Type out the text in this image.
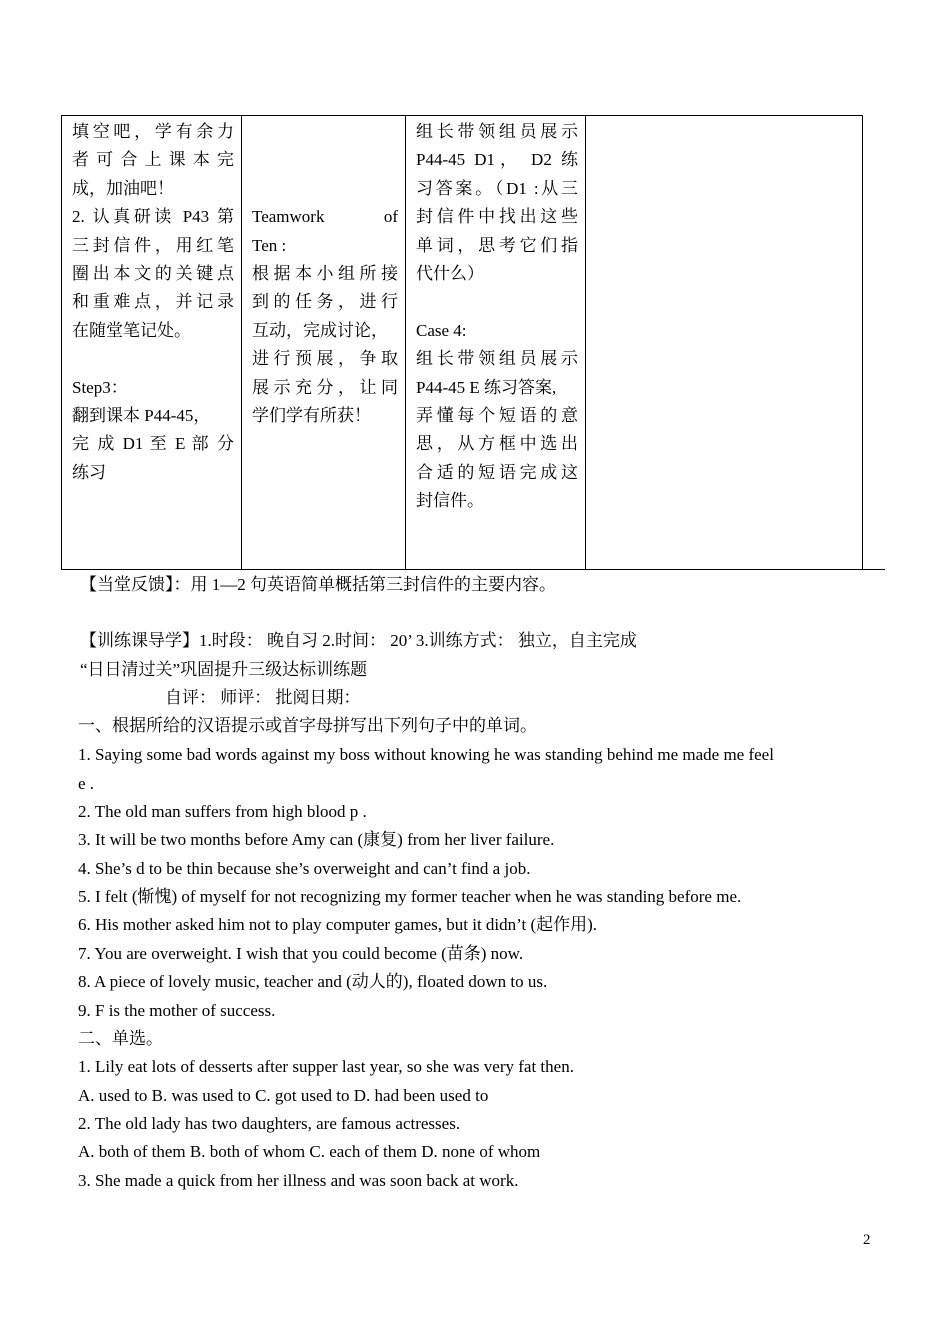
填空吧，学有余力
者 可 合 上 课 本 完
成，加油吧！
2. 认真研读 P43 第
三封信件，用红笔
圈出本文的关键点
和重难点，并记录
在随堂笔记处。
Step3：
翻到课本 P44-45，
完 成 D1 至 E 部 分
练习
Teamwork of
Ten :
根据本小组所接
到的任务，进行
互动，完成讨论，
进行预展，争取
展示充分，让同
学们学有所获！
组长带领组员展示
P44-45 D1， D2 练
习答案。（D1 :从三
封信件中找出这些
单词，思考它们指
代什么）
Case 4:
组长带领组员展示
P44-45 E 练习答案,
弄懂每个短语的意
思，从方框中选出
合适的短语完成这
封信件。
【当堂反馈】：用 1—2 句英语简单概括第三封信件的主要内容。
【训练课导学】1.时段： 晚自习 2.时间： 20’ 3.训练方式： 独立，自主完成
“日日清过关”巩固提升三级达标训练题
自评： 师评： 批阅日期：
一、根据所给的汉语提示或首字母拼写出下列句子中的单词。
1. Saying some bad words against my boss without knowing he was standing behind me made me feel
e .
2. The old man suffers from high blood p .
3. It will be two months before Amy can (康复) from her liver failure.
4. She’s d to be thin because she’s overweight and can’t find a job.
5. I felt (惭愧) of myself for not recognizing my former teacher when he was standing before me.
6. His mother asked him not to play computer games, but it didn’t (起作用).
7. You are overweight. I wish that you could become (苗条) now.
8. A piece of lovely music, teacher and (动人的), floated down to us.
9. F is the mother of success.
二、单选。
1. Lily eat lots of desserts after supper last year, so she was very fat then.
A. used to B. was used to C. got used to D. had been used to
2. The old lady has two daughters, are famous actresses.
A. both of them B. both of whom C. each of them D. none of whom
3. She made a quick from her illness and was soon back at work.
2
